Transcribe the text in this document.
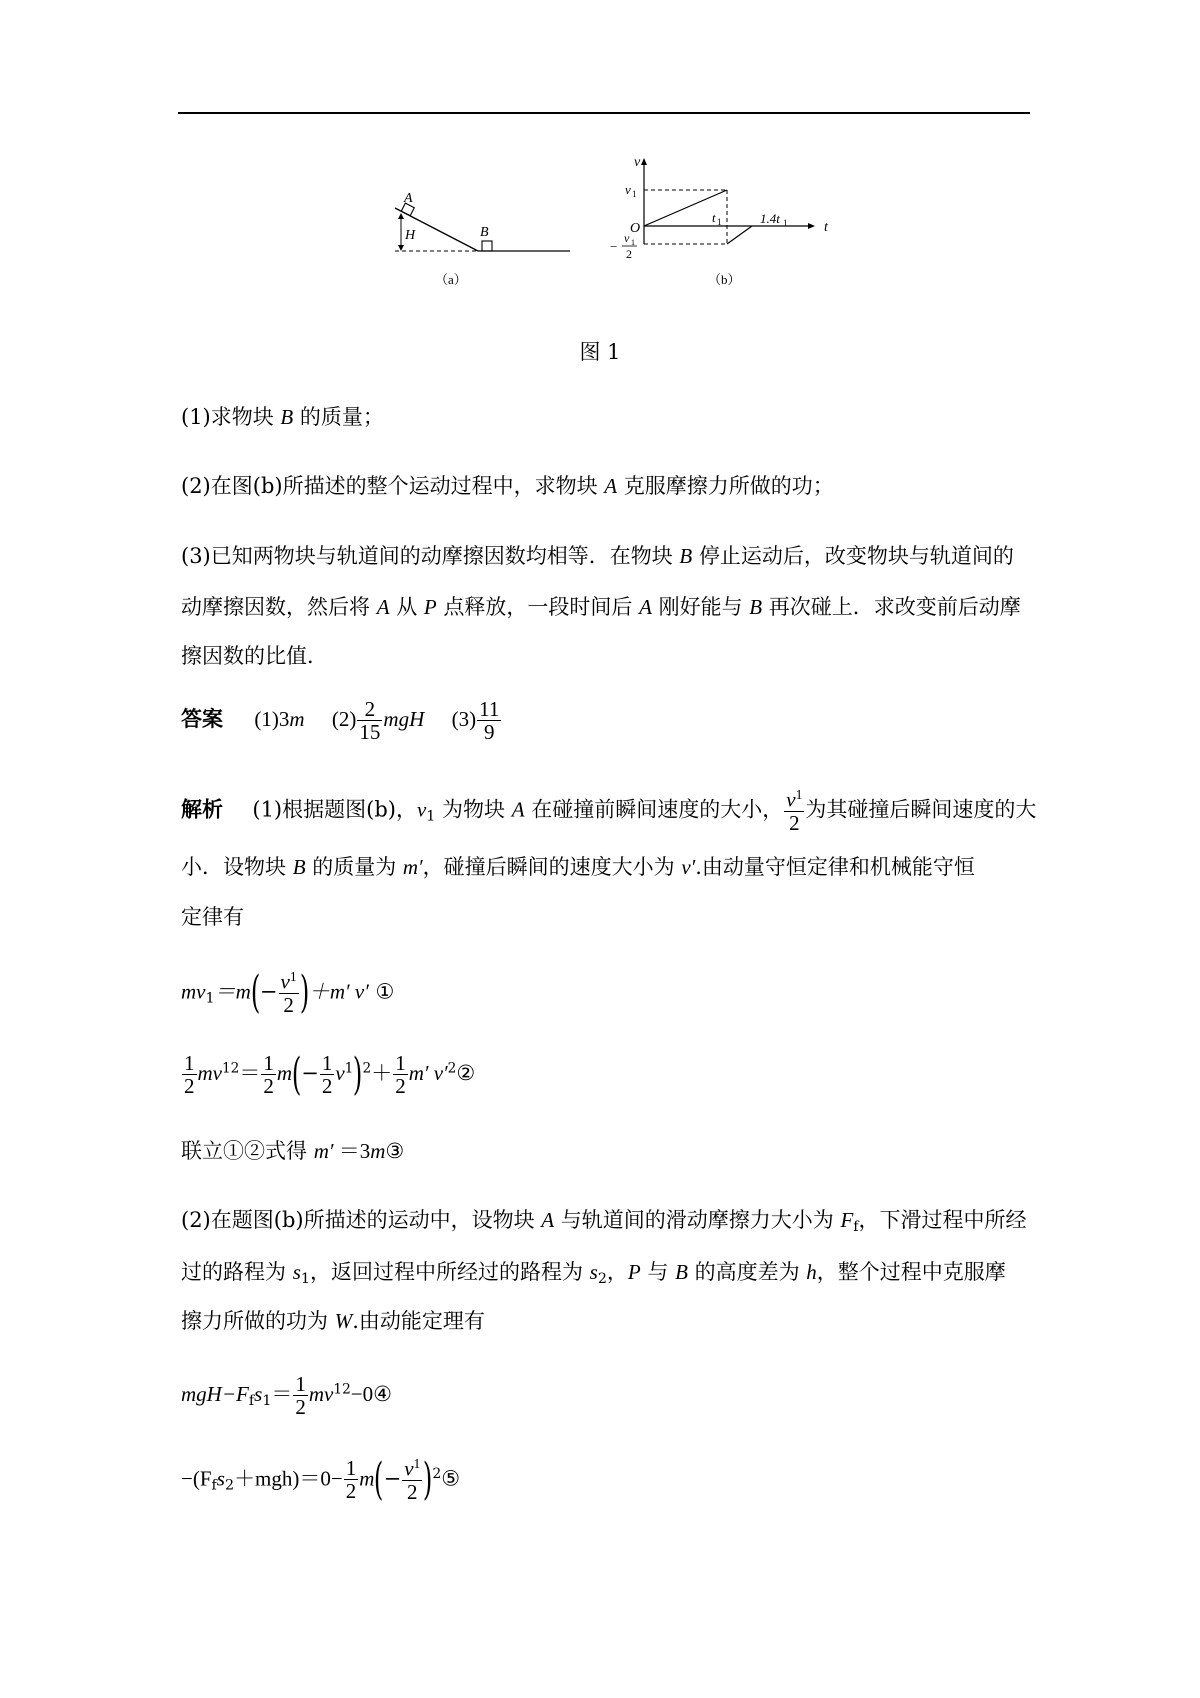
A
H	B
（a）
v
t
O
v 1
−
v 1
2
t 1	1.4t 1
（b）
图 1
(1)求物块 B 的质量；
(2)在图(b)所描述的整个运动过程中，求物块 A 克服摩擦力所做的功；
(3)已知两物块与轨道间的动摩擦因数均相等．在物块 B 停止运动后，改变物块与轨道间的
动摩擦因数，然后将 A 从 P 点释放，一段时间后 A 刚好能与 B 再次碰上．求改变前后动摩
擦因数的比值．
答案 (1)3m $(2) \frac{2}{15}$ mgH $(3) \frac{11}{9}$
解析 (1)根据题图(b)，$v_1$ 为物块 A 在碰撞前瞬间速度的大小， $\frac{v^1}{2}$ 为其碰撞后瞬间速度的大
小．设物块 B 的质量为 m′，碰撞后瞬间的速度大小为 v′.由动量守恒定律和机械能守恒
定律有
$mv_1=m(- \frac{v^1}{2} )+m'$ v′ ①
$\frac{1}{2} mv^{12}= \frac{1}{2} m(- \frac{1}{2} v^1)^2+ \frac{1}{2} m'$ $v'^2②$
联立①②式得 m′ ＝3m③
(2)在题图(b)所描述的运动中，设物块 A 与轨道间的滑动摩擦力大小为 $F_f$，下滑过程中所经
过的路程为 $s_1$，返回过程中所经过的路程为 $s_2$，P 与 B 的高度差为 h，整个过程中克服摩
擦力所做的功为 W.由动能定理有
$mgH-F_fs_1= \frac{1}{2}$ $mv^{12}-0④$
$-(F_fs_2+mgh)=0- \frac{1}{2} m(- \frac{v^1}{2}$ )$^2⑤$
